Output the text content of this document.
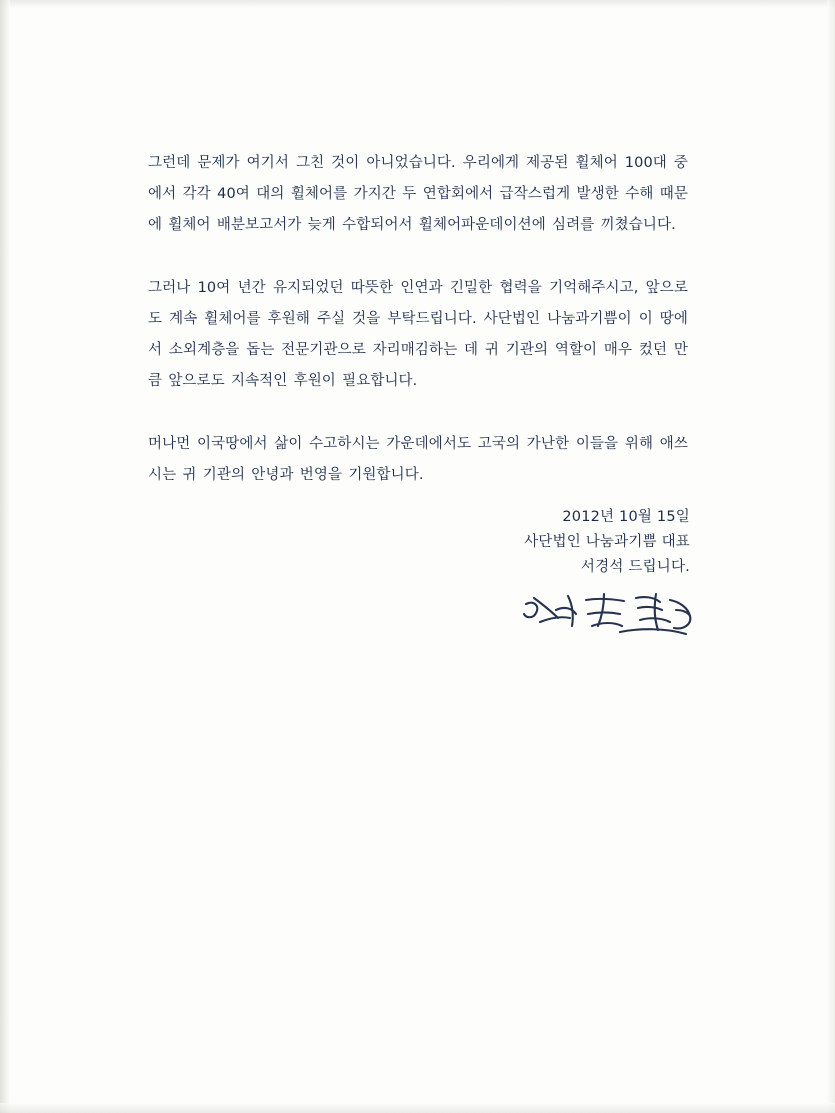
그런데 문제가 여기서 그친 것이 아니었습니다. 우리에게 제공된 휠체어 100대 중에서 각각 40여 대의 휠체어를 가지간 두 연합회에서 급작스럽게 발생한 수해 때문에 휠체어 배분보고서가 늦게 수합되어서 휠체어파운데이션에 심려를 끼쳤습니다.

그러나 10여 년간 유지되었던 따뜻한 인연과 긴밀한 협력을 기억해주시고, 앞으로도 계속 휠체어를 후원해 주실 것을 부탁드립니다. 사단법인 나눔과기쁨이 이 땅에서 소외계층을 돕는 전문기관으로 자리매김하는 데 귀 기관의 역할이 매우 컸던 만큼 앞으로도 지속적인 후원이 필요합니다.

머나먼 이국땅에서 삶이 수고하시는 가운데에서도 고국의 가난한 이들을 위해 애쓰시는 귀 기관의 안녕과 번영을 기원합니다.

2012년 10월 15일
사단법인 나눔과기쁨 대표
서경석 드립니다.
